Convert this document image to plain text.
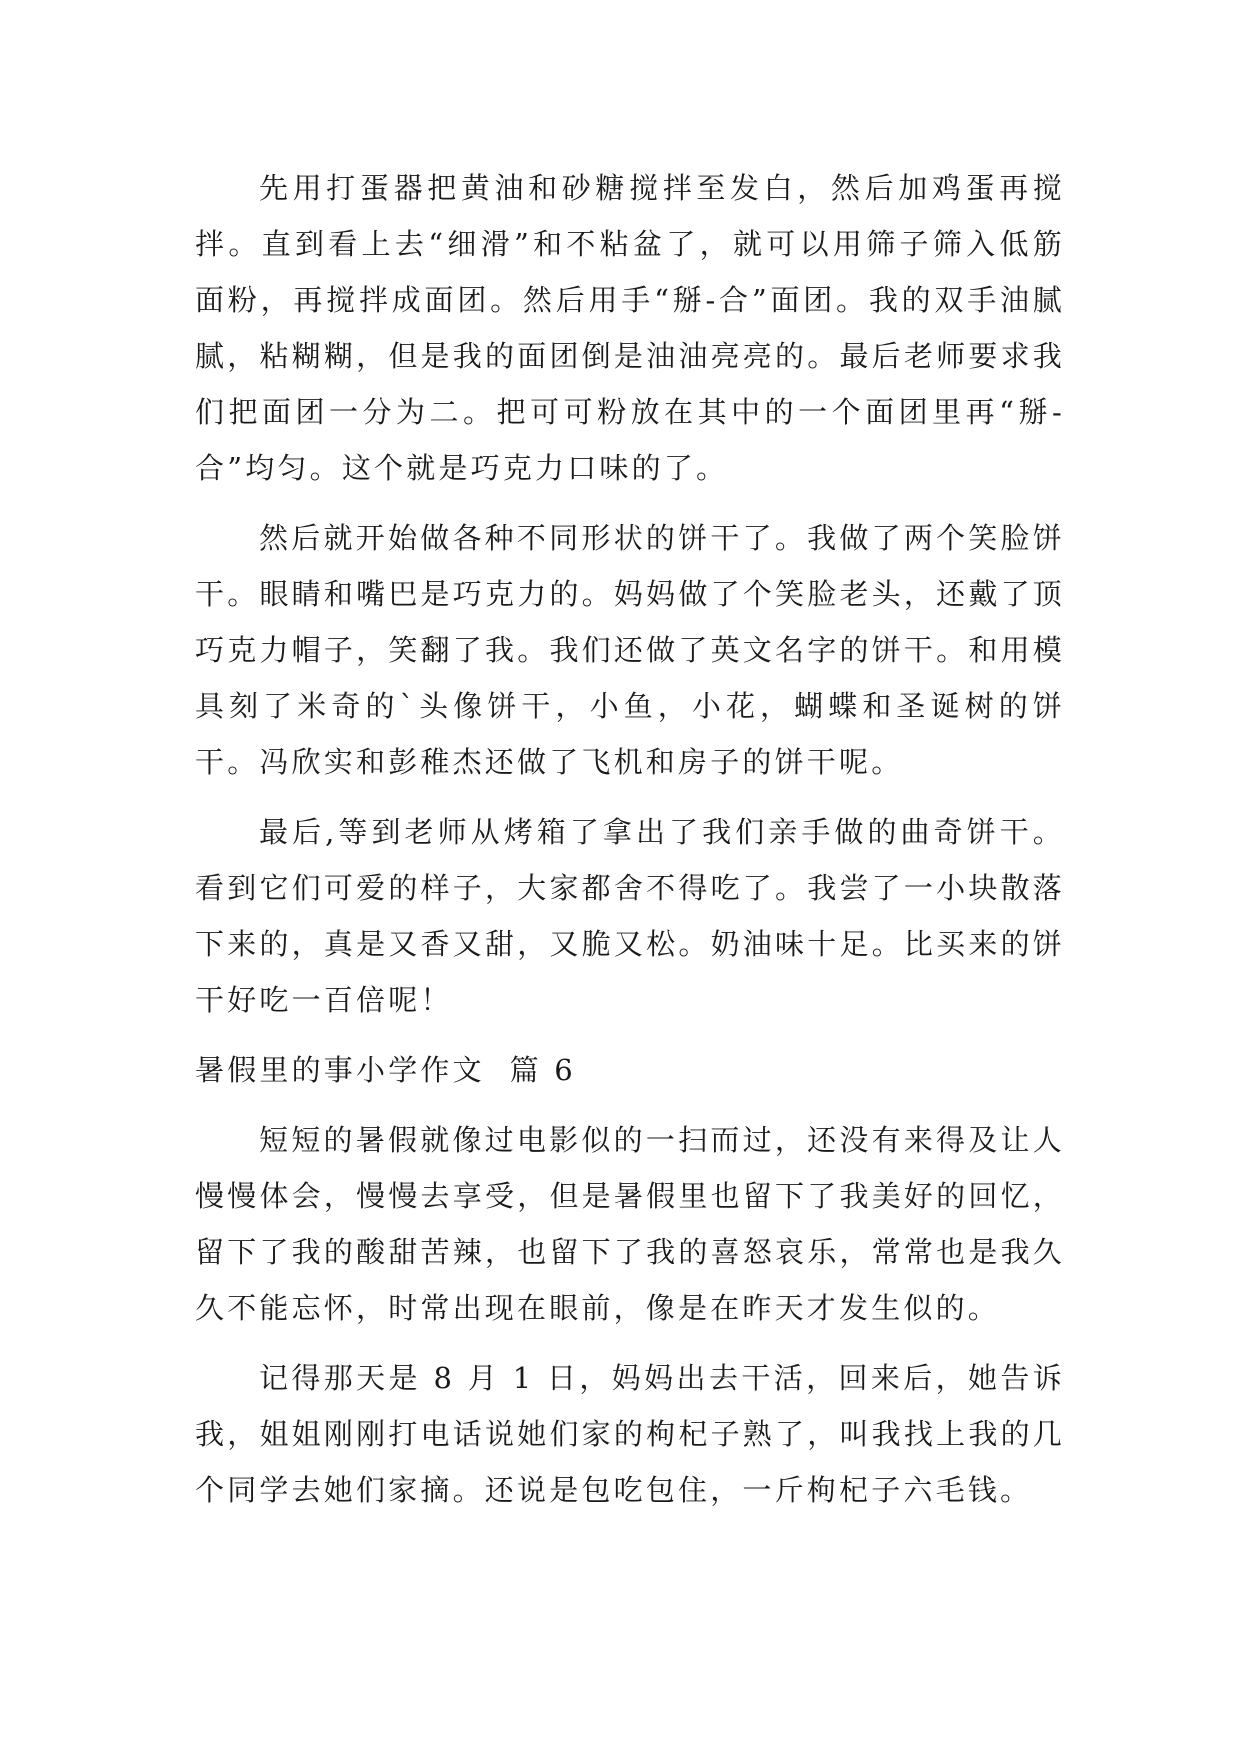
先用打蛋器把黄油和砂糖搅拌至发白，然后加鸡蛋再搅拌。直到看上去“细滑”和不粘盆了，就可以用筛子筛入低筋面粉，再搅拌成面团。然后用手“掰-合”面团。我的双手油腻腻，粘糊糊，但是我的面团倒是油油亮亮的。最后老师要求我们把面团一分为二。把可可粉放在其中的一个面团里再“掰-合”均匀。这个就是巧克力口味的了。

然后就开始做各种不同形状的饼干了。我做了两个笑脸饼干。眼睛和嘴巴是巧克力的。妈妈做了个笑脸老头，还戴了顶巧克力帽子，笑翻了我。我们还做了英文名字的饼干。和用模具刻了米奇的`头像饼干，小鱼，小花，蝴蝶和圣诞树的饼干。冯欣实和彭稚杰还做了飞机和房子的饼干呢。

最后,等到老师从烤箱了拿出了我们亲手做的曲奇饼干。看到它们可爱的样子，大家都舍不得吃了。我尝了一小块散落下来的，真是又香又甜，又脆又松。奶油味十足。比买来的饼干好吃一百倍呢！

暑假里的事小学作文  篇 6

短短的暑假就像过电影似的一扫而过，还没有来得及让人慢慢体会，慢慢去享受，但是暑假里也留下了我美好的回忆，留下了我的酸甜苦辣，也留下了我的喜怒哀乐，常常也是我久久不能忘怀，时常出现在眼前，像是在昨天才发生似的。

记得那天是 8 月 1 日，妈妈出去干活，回来后，她告诉我，姐姐刚刚打电话说她们家的枸杞子熟了，叫我找上我的几个同学去她们家摘。还说是包吃包住，一斤枸杞子六毛钱。
